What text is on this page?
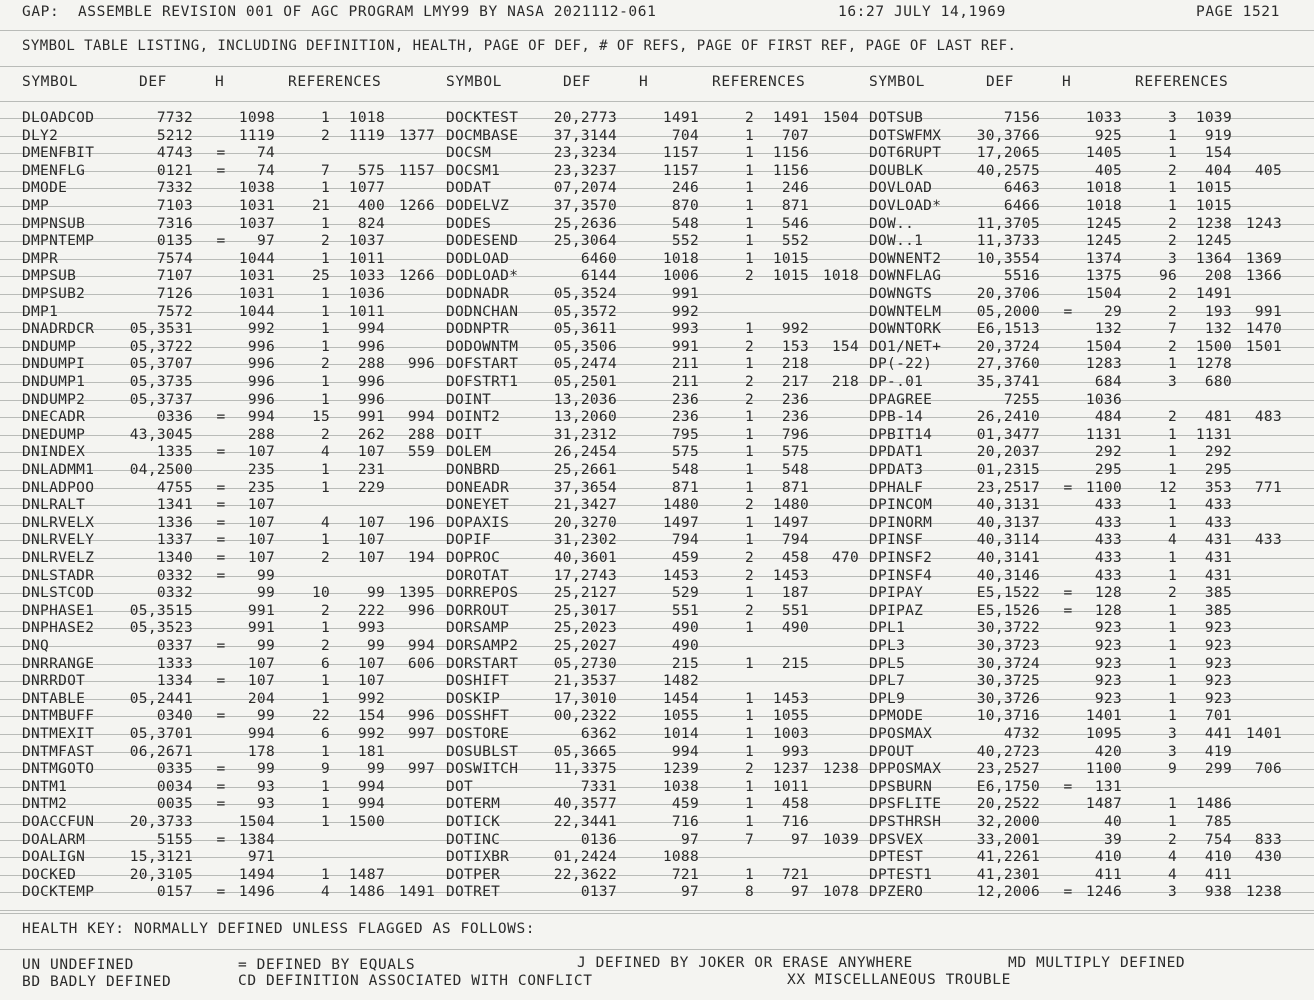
GAP:  ASSEMBLE REVISION 001 OF AGC PROGRAM LMY99 BY NASA 2021112-061	16:27 JULY 14,1969	PAGE 1521
SYMBOL TABLE LISTING, INCLUDING DEFINITION, HEALTH, PAGE OF DEF, # OF REFS, PAGE OF FIRST REF, PAGE OF LAST REF.
SYMBOL	DEF	H	REFERENCES	SYMBOL	DEF	H	REFERENCES	SYMBOL	DEF	H	REFERENCES
DLOADCOD	7732	1098	1	1018
DLY2	5212	1119	2	1119 1377
DMENFBIT	4743	=	74
DMENFLG	0121	=	74	7	575 1157
DMODE	7332	1038	1	1077
DMP	7103	1031	21	400 1266
DMPNSUB	7316	1037	1	824
DMPNTEMP	0135	=	97	2	1037
DMPR	7574	1044	1	1011
DMPSUB	7107	1031	25	1033 1266
DMPSUB2	7126	1031	1	1036
DMP1	7572	1044	1	1011
DNADRDCR	05,3531	992	1	994
DNDUMP	05,3722	996	1	996
DNDUMPI	05,3707	996	2	288	996
DNDUMP1	05,3735	996	1	996
DNDUMP2	05,3737	996	1	996
DNECADR	0336	=	994	15	991	994
DNEDUMP	43,3045	288	2	262	288
DNINDEX	1335	=	107	4	107	559
DNLADMM1	04,2500	235	1	231
DNLADPOO	4755	=	235	1	229
DNLRALT	1341	=	107
DNLRVELX	1336	=	107	4	107	196
DNLRVELY	1337	=	107	1	107
DNLRVELZ	1340	=	107	2	107	194
DNLSTADR	0332	=	99
DNLSTCOD	0332	99	10	99 1395
DNPHASE1	05,3515	991	2	222	996
DNPHASE2	05,3523	991	1	993
DNQ	0337	=	99	2	99	994
DNRRANGE	1333	107	6	107	606
DNRRDOT	1334	=	107	1	107
DNTABLE	05,2441	204	1	992
DNTMBUFF	0340	=	99	22	154	996
DNTMEXIT	05,3701	994	6	992	997
DNTMFAST	06,2671	178	1	181
DNTMGOTO	0335	=	99	9	99	997
DNTM1	0034	=	93	1	994
DNTM2	0035	=	93	1	994
DOACCFUN	20,3733	1504	1	1500
DOALARM	5155	= 1384
DOALIGN	15,3121	971
DOCKED	20,3105	1494	1	1487
DOCKTEMP	0157	= 1496	4	1486 1491
DOCKTEST	20,2773	1491	2	1491 1504
DOCMBASE	37,3144	704	1	707
DOCSM	23,3234	1157	1	1156
DOCSM1	23,3237	1157	1	1156
DODAT	07,2074	246	1	246
DODELVZ	37,3570	870	1	871
DODES	25,2636	548	1	546
DODESEND	25,3064	552	1	552
DODLOAD	6460	1018	1	1015
DODLOAD*	6144	1006	2	1015 1018
DODNADR	05,3524	991
DODNCHAN	05,3572	992
DODNPTR	05,3611	993	1	992
DODOWNTM	05,3506	991	2	153	154
DOFSTART	05,2474	211	1	218
DOFSTRT1	05,2501	211	2	217	218
DOINT	13,2036	236	2	236
DOINT2	13,2060	236	1	236
DOIT	31,2312	795	1	796
DOLEM	26,2454	575	1	575
DONBRD	25,2661	548	1	548
DONEADR	37,3654	871	1	871
DONEYET	21,3427	1480	2	1480
DOPAXIS	20,3270	1497	1	1497
DOPIF	31,2302	794	1	794
DOPROC	40,3601	459	2	458	470
DOROTAT	17,2743	1453	2	1453
DORREPOS	25,2127	529	1	187
DORROUT	25,3017	551	2	551
DORSAMP	25,2023	490	1	490
DORSAMP2	25,2027	490
DORSTART	05,2730	215	1	215
DOSHIFT	21,3537	1482
DOSKIP	17,3010	1454	1	1453
DOSSHFT	00,2322	1055	1	1055
DOSTORE	6362	1014	1	1003
DOSUBLST	05,3665	994	1	993
DOSWITCH	11,3375	1239	2	1237 1238
DOT	7331	1038	1	1011
DOTERM	40,3577	459	1	458
DOTICK	22,3441	716	1	716
DOTINC	0136	97	7	97 1039
DOTIXBR	01,2424	1088
DOTPER	22,3622	721	1	721
DOTRET	0137	97	8	97 1078
DOTSUB	7156	1033	3	1039
DOTSWFMX	30,3766	925	1	919
DOT6RUPT	17,2065	1405	1	154
DOUBLK	40,2575	405	2	404	405
DOVLOAD	6463	1018	1	1015
DOVLOAD*	6466	1018	1	1015
DOW..	11,3705	1245	2	1238 1243
DOW..1	11,3733	1245	2	1245
DOWNENT2	10,3554	1374	3	1364 1369
DOWNFLAG	5516	1375	96	208 1366
DOWNGTS	20,3706	1504	2	1491
DOWNTELM	05,2000	=	29	2	193	991
DOWNTORK	E6,1513	132	7	132 1470
DO1/NET+	20,3724	1504	2	1500 1501
DP(-22)	27,3760	1283	1	1278
DP-.01	35,3741	684	3	680
DPAGREE	7255	1036
DPB-14	26,2410	484	2	481	483
DPBIT14	01,3477	1131	1	1131
DPDAT1	20,2037	292	1	292
DPDAT3	01,2315	295	1	295
DPHALF	23,2517	= 1100	12	353	771
DPINCOM	40,3131	433	1	433
DPINORM	40,3137	433	1	433
DPINSF	40,3114	433	4	431	433
DPINSF2	40,3141	433	1	431
DPINSF4	40,3146	433	1	431
DPIPAY	E5,1522	=	128	2	385
DPIPAZ	E5,1526	=	128	1	385
DPL1	30,3722	923	1	923
DPL3	30,3723	923	1	923
DPL5	30,3724	923	1	923
DPL7	30,3725	923	1	923
DPL9	30,3726	923	1	923
DPMODE	10,3716	1401	1	701
DPOSMAX	4732	1095	3	441 1401
DPOUT	40,2723	420	3	419
DPPOSMAX	23,2527	1100	9	299	706
DPSBURN	E6,1750	=	131
DPSFLITE	20,2522	1487	1	1486
DPSTHRSH	32,2000	40	1	785
DPSVEX	33,2001	39	2	754	833
DPTEST	41,2261	410	4	410	430
DPTEST1	41,2301	411	4	411
DPZERO	12,2006	= 1246	3	938 1238
HEALTH KEY: NORMALLY DEFINED UNLESS FLAGGED AS FOLLOWS:
UN UNDEFINED	= DEFINED BY EQUALS	J DEFINED BY JOKER OR ERASE ANYWHERE	MD MULTIPLY DEFINED
BD BADLY DEFINED	CD DEFINITION ASSOCIATED WITH CONFLICT	XX MISCELLANEOUS TROUBLE
